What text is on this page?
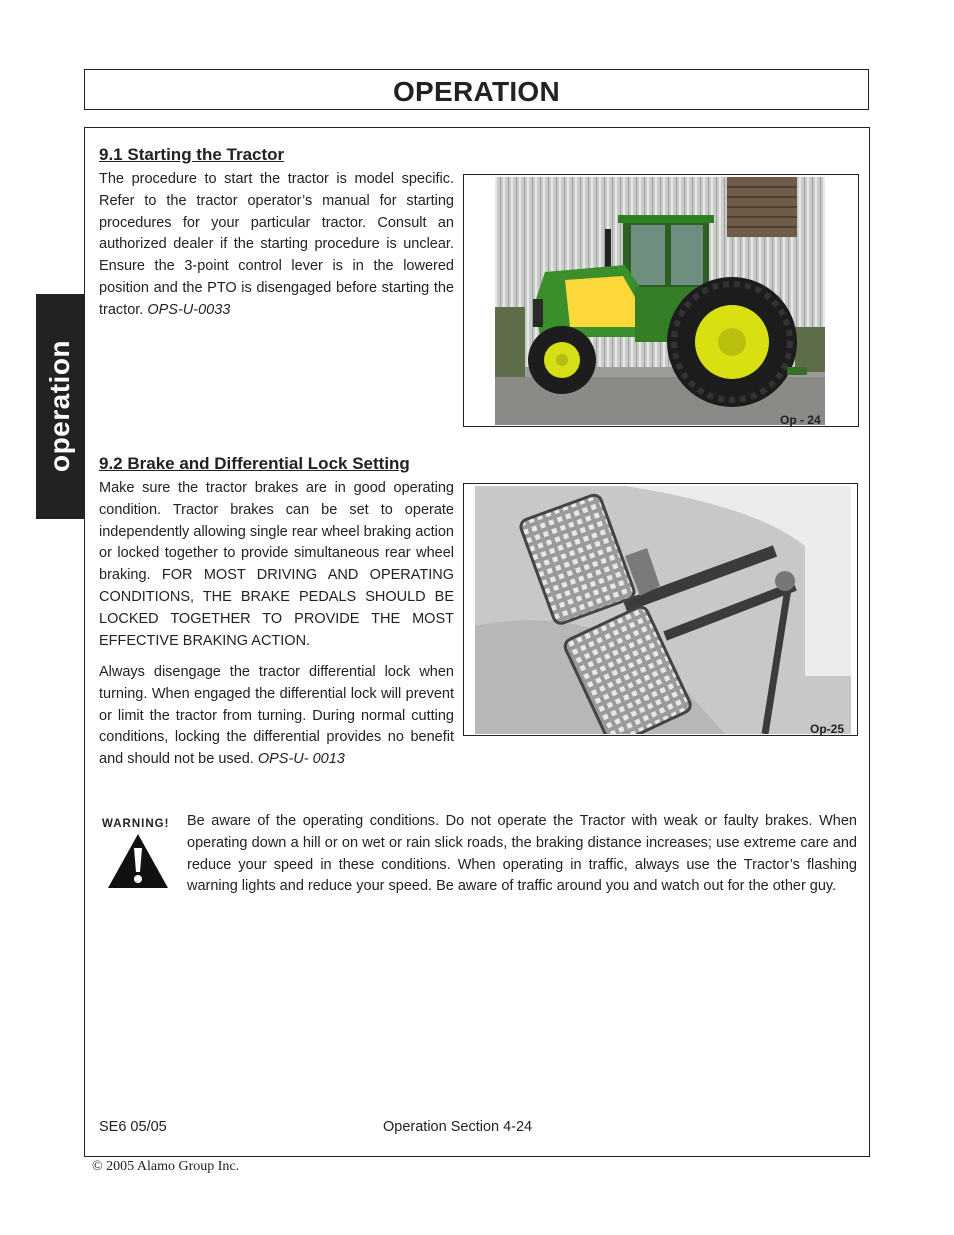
OPERATION
operation
9.1 Starting the Tractor
The procedure to start the tractor is model specific. Refer to the tractor operator’s manual for starting procedures for your particular tractor. Consult an authorized dealer if the starting procedure is unclear. Ensure the 3-point control lever is in the lowered position and the PTO is disengaged before starting the tractor. OPS-U-0033
Op - 24
9.2 Brake and Differential Lock Setting
Make sure the tractor brakes are in good operating condition. Tractor brakes can be set to operate independently allowing single rear wheel braking action or locked together to provide simultaneous rear wheel braking. FOR MOST DRIVING AND OPERATING CONDITIONS, THE BRAKE PEDALS SHOULD BE LOCKED TOGETHER TO PROVIDE THE MOST EFFECTIVE BRAKING ACTION.
Always disengage the tractor differential lock when turning. When engaged the differential lock will prevent or limit the tractor from turning. During normal cutting conditions, locking the differential provides no benefit and should not be used. OPS-U- 0013
Op-25
WARNING! Be aware of the operating conditions. Do not operate the Tractor with weak or faulty brakes. When operating down a hill or on wet or rain slick roads, the braking distance increases; use extreme care and reduce your speed in these conditions. When operating in traffic, always use the Tractor’s flashing warning lights and reduce your speed. Be aware of traffic around you and watch out for the other guy.
SE6 05/05	Operation Section 4-24
© 2005 Alamo Group Inc.
